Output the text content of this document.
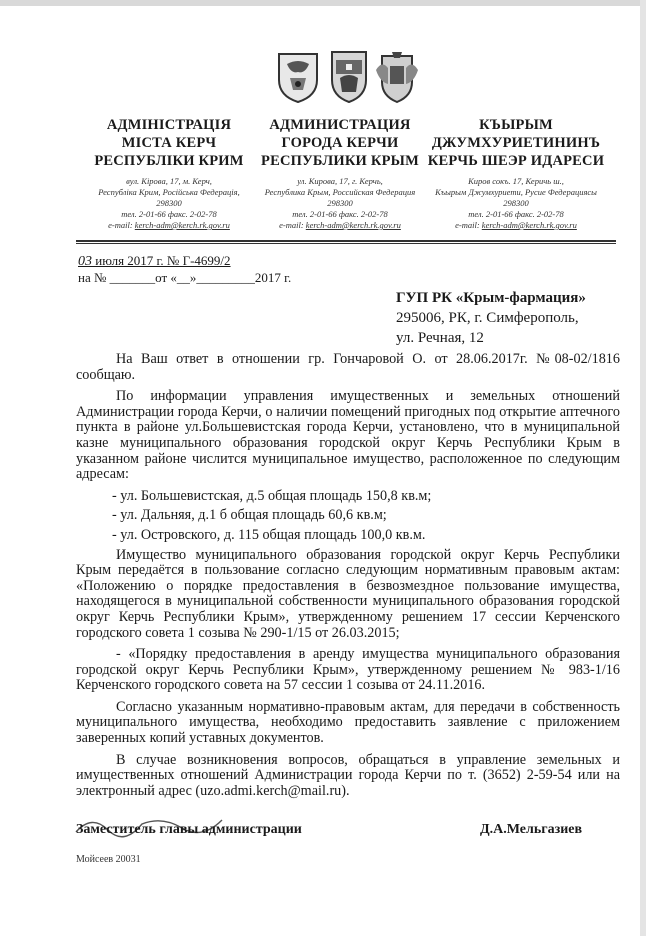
АДМІНІСТРАЦІЯ
МІСТА КЕРЧ
РЕСПУБЛІКИ КРИМ
вул. Кірова, 17, м. Керч,
Республіка Крим, Російська Федерація,
298300
тел. 2-01-66 факс. 2-02-78
e-mail: kerch-adm@kerch.rk.gov.ru
АДМИНИСТРАЦИЯ
ГОРОДА КЕРЧИ
РЕСПУБЛИКИ КРЫМ
ул. Кирова, 17, г. Керчь,
Республика Крым, Российская Федерация
298300
тел. 2-01-66 факс. 2-02-78
e-mail: kerch-adm@kerch.rk.gov.ru
КЪЫРЫМ
ДЖУМХУРИЕТИНИНЪ
КЕРЧЬ ШЕЭР ИДАРЕСИ
Киров сокъ. 17, Керичь ш.,
Къырым Джумхуриети, Русие Федерациясы
298300
тел. 2-01-66 факс. 2-02-78
e-mail: kerch-adm@kerch.rk.gov.ru
03 июля 2017 г. № Г-4699/2
на № _______от «__»_________2017 г.
ГУП РК «Крым-фармация»
295006, РК, г. Симферополь,
ул. Речная, 12

На Ваш ответ в отношении гр. Гончаровой О. от 28.06.2017г. №08-02/1816 сообщаю.

По информации управления имущественных и земельных отношений Администрации города Керчи, о наличии помещений пригодных под открытие аптечного пункта в районе ул.Большевистская города Керчи, установлено, что в муниципальной казне муниципального образования городской округ Керчь Республики Крым в указанном районе числится муниципальное имущество, расположенное по следующим адресам:

- ул. Большевистская, д.5 общая площадь 150,8 кв.м;

- ул. Дальняя, д.1 б общая площадь 60,6 кв.м;

- ул. Островского, д. 115 общая площадь 100,0 кв.м.

Имущество муниципального образования городской округ Керчь Республики Крым передаётся в пользование согласно следующим нормативным правовым актам: «Положению о порядке предоставления в безвозмездное пользование имущества, находящегося в муниципальной собственности муниципального образования городской округ Керчь Республики Крым», утвержденному решением 17 сессии Керченского городского совета 1 созыва № 290-1/15 от 26.03.2015;

- «Порядку предоставления в аренду имущества муниципального образования городской округ Керчь Республики Крым», утвержденному решением № 983-1/16 Керченского городского совета на 57 сессии 1 созыва от 24.11.2016.

Согласно указанным нормативно-правовым актам, для передачи в собственность муниципального имущества, необходимо предоставить заявление с приложением заверенных копий уставных документов.

В случае возникновения вопросов, обращаться в управление земельных и имущественных отношений Администрации города Керчи по т. (3652) 2-59-54 или на электронный адрес (uzo.admi.kerch@mail.ru).

Заместитель главы администрации	Д.А.Мельгазиев
Мойсеев 20031
